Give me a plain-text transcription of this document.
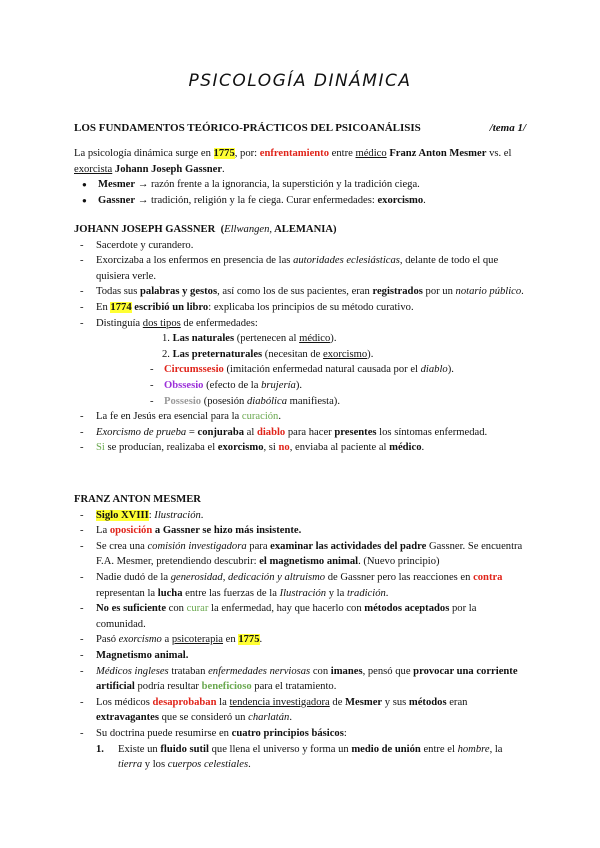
PSICOLOGÍA DINÁMICA
LOS FUNDAMENTOS TEÓRICO-PRÁCTICOS DEL PSICOANÁLISIS	/tema 1/

La psicología dinámica surge en 1775, por: enfrentamiento entre médico Franz Anton Mesmer vs. el exorcista Johann Joseph Gassner.

● Mesmer → razón frente a la ignorancia, la superstición y la tradición ciega.
● Gassner → tradición, religión y la fe ciega. Curar enfermedades: exorcismo.

JOHANN JOSEPH GASSNER (Ellwangen, ALEMANIA)

- Sacerdote y curandero.
- Exorcizaba a los enfermos en presencia de las autoridades eclesiásticas, delante de todo el que quisiera verle.
- Todas sus palabras y gestos, así como los de sus pacientes, eran registrados por un notario público.
- En 1774 escribió un libro: explicaba los principios de su método curativo.
- Distinguía dos tipos de enfermedades:
1. Las naturales (pertenecen al médico).
2. Las preternaturales (necesitan de exorcismo).
- Circumssesio (imitación enfermedad natural causada por el diablo).
- Obssesio (efecto de la brujería).
- Possesio (posesión diabólica manifiesta).
- La fe en Jesús era esencial para la curación.
- Exorcismo de prueba = conjuraba al diablo para hacer presentes los síntomas enfermedad.
- Si se producían, realizaba el exorcismo, si no, enviaba al paciente al médico.

FRANZ ANTON MESMER

- Siglo XVIII: Ilustración.
- La oposición a Gassner se hizo más insistente.
- Se crea una comisión investigadora para examinar las actividades del padre Gassner. Se encuentra F.A. Mesmer, pretendiendo descubrir: el magnetismo animal. (Nuevo principio)
- Nadie dudó de la generosidad, dedicación y altruismo de Gassner pero las reacciones en contra representan la lucha entre las fuerzas de la Ilustración y la tradición.
- No es suficiente con curar la enfermedad, hay que hacerlo con métodos aceptados por la comunidad.
- Pasó exorcismo a psicoterapia en 1775.
- Magnetismo animal.
- Médicos ingleses trataban enfermedades nerviosas con imanes, pensó que provocar una corriente artificial podría resultar beneficioso para el tratamiento.
- Los médicos desaprobaban la tendencia investigadora de Mesmer y sus métodos eran extravagantes que se consideró un charlatán.
- Su doctrina puede resumirse en cuatro principios básicos:
1. Existe un fluido sutil que llena el universo y forma un medio de unión entre el hombre, la tierra y los cuerpos celestiales.
